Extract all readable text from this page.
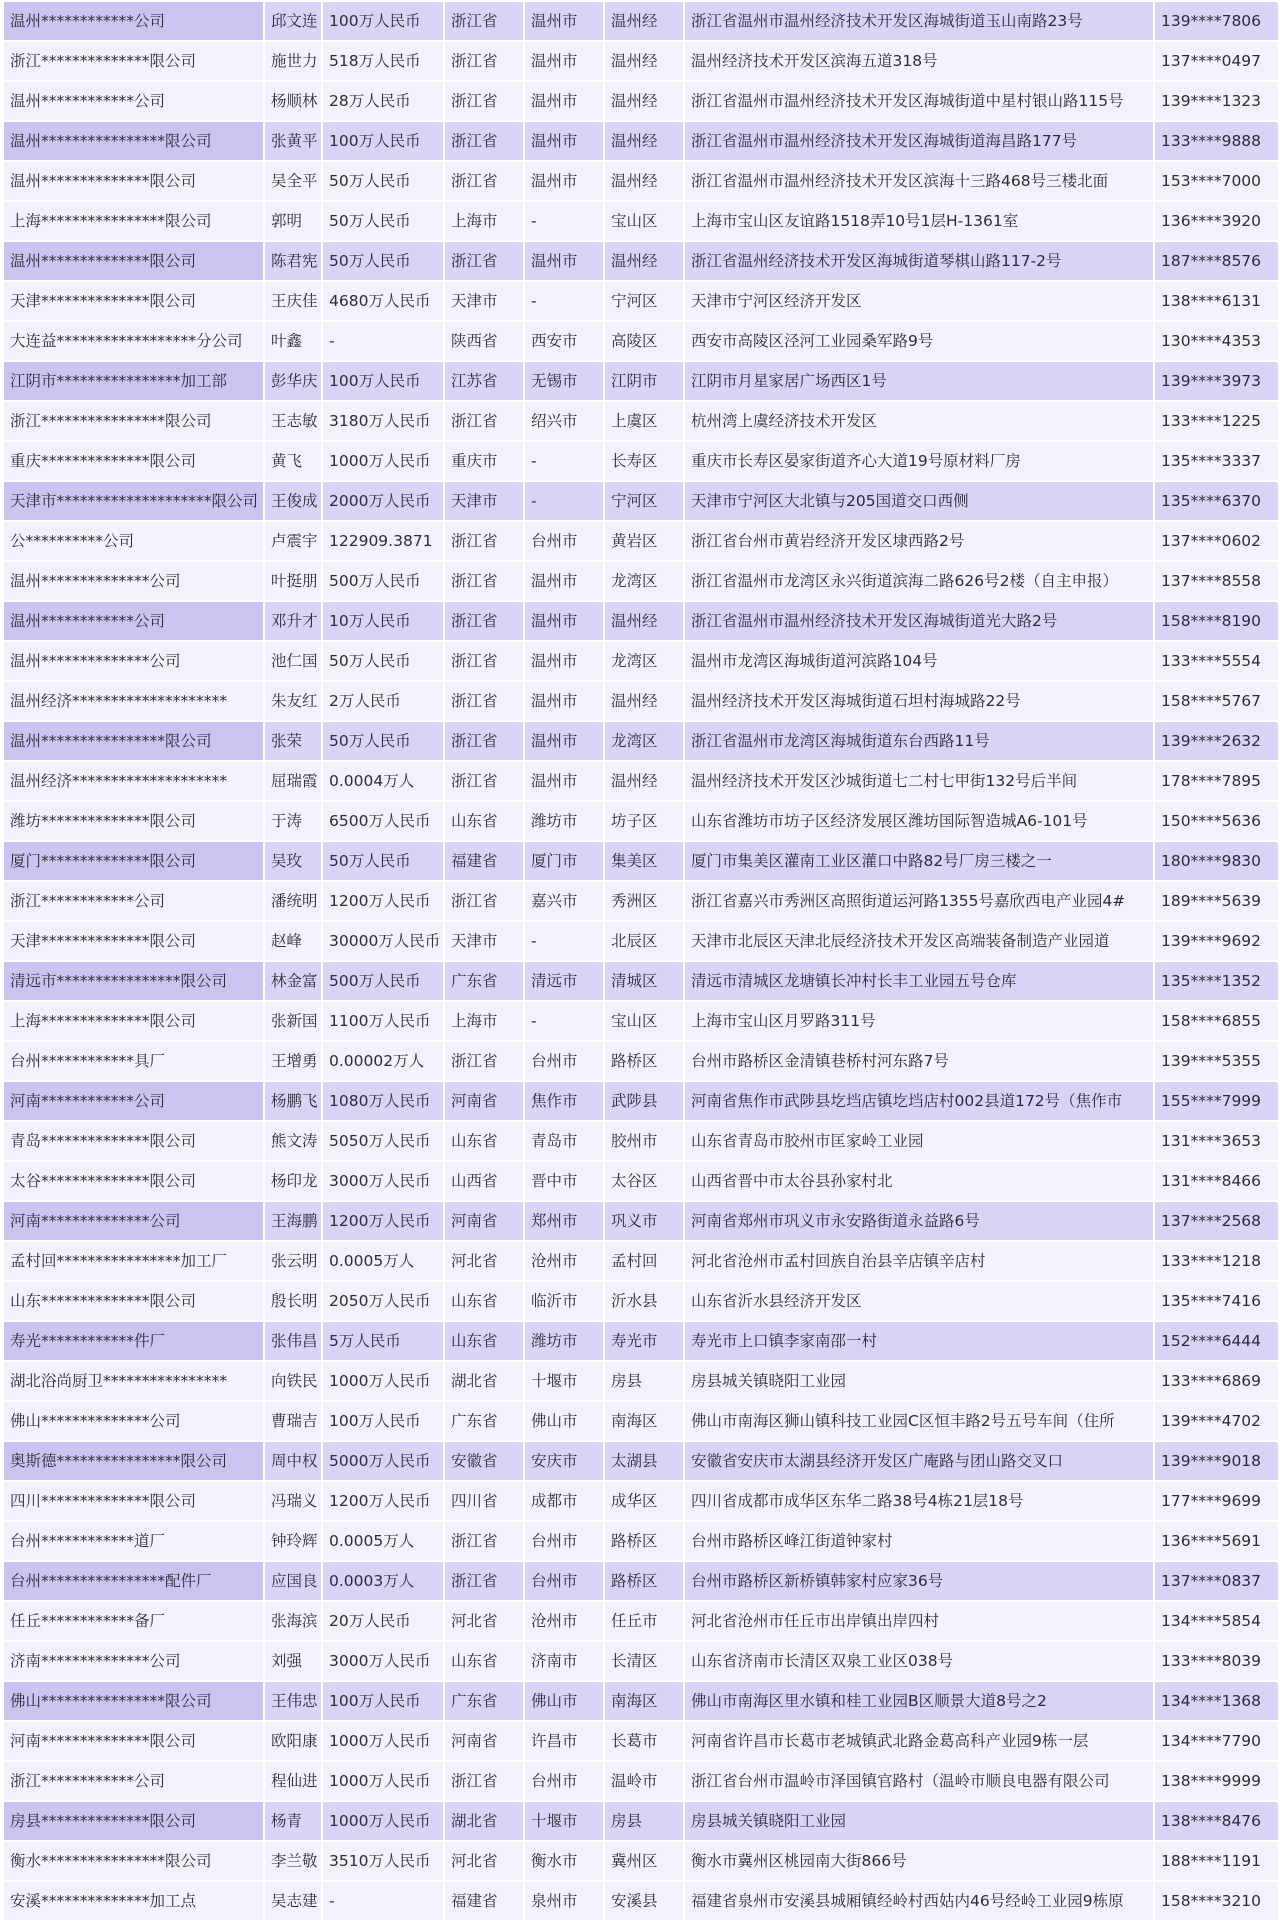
温州************公司	邱文连	100万人民币	浙江省	温州市	温州经	浙江省温州市温州经济技术开发区海城街道玉山南路23号	139****7806
浙江**************限公司	施世力	518万人民币	浙江省	温州市	温州经	温州经济技术开发区滨海五道318号	137****0497
温州************公司	杨顺林	28万人民币	浙江省	温州市	温州经	浙江省温州市温州经济技术开发区海城街道中星村银山路115号	139****1323
温州****************限公司	张黄平	100万人民币	浙江省	温州市	温州经	浙江省温州市温州经济技术开发区海城街道海昌路177号	133****9888
温州**************限公司	吴全平	50万人民币	浙江省	温州市	温州经	浙江省温州市温州经济技术开发区滨海十三路468号三楼北面	153****7000
上海****************限公司	郭明	50万人民币	上海市	-	宝山区	上海市宝山区友谊路1518弄10号1层H-1361室	136****3920
温州**************限公司	陈君宪	50万人民币	浙江省	温州市	温州经	浙江省温州经济技术开发区海城街道琴棋山路117-2号	187****8576
天津**************限公司	王庆佳	4680万人民币	天津市	-	宁河区	天津市宁河区经济开发区	138****6131
大连益******************分公司	叶鑫	-	陕西省	西安市	高陵区	西安市高陵区泾河工业园桑军路9号	130****4353
江阴市****************加工部	彭华庆	100万人民币	江苏省	无锡市	江阴市	江阴市月星家居广场西区1号	139****3973
浙江****************限公司	王志敏	3180万人民币	浙江省	绍兴市	上虞区	杭州湾上虞经济技术开发区	133****1225
重庆**************限公司	黄飞	1000万人民币	重庆市	-	长寿区	重庆市长寿区晏家街道齐心大道19号原材料厂房	135****3337
天津市********************限公司	王俊成	2000万人民币	天津市	-	宁河区	天津市宁河区大北镇与205国道交口西侧	135****6370
公**********公司	卢震宇	122909.3871	浙江省	台州市	黄岩区	浙江省台州市黄岩经济开发区埭西路2号	137****0602
温州**************公司	叶挺朋	500万人民币	浙江省	温州市	龙湾区	浙江省温州市龙湾区永兴街道滨海二路626号2楼（自主申报）	137****8558
温州************公司	邓升才	10万人民币	浙江省	温州市	温州经	浙江省温州市温州经济技术开发区海城街道光大路2号	158****8190
温州**************公司	池仁国	50万人民币	浙江省	温州市	龙湾区	温州市龙湾区海城街道河滨路104号	133****5554
温州经济********************	朱友红	2万人民币	浙江省	温州市	温州经	温州经济技术开发区海城街道石坦村海城路22号	158****5767
温州****************限公司	张荣	50万人民币	浙江省	温州市	龙湾区	浙江省温州市龙湾区海城街道东台西路11号	139****2632
温州经济********************	屈瑞霞	0.0004万人	浙江省	温州市	温州经	温州经济技术开发区沙城街道七二村七甲街132号后半间	178****7895
潍坊**************限公司	于涛	6500万人民币	山东省	潍坊市	坊子区	山东省潍坊市坊子区经济发展区潍坊国际智造城A6-101号	150****5636
厦门**************限公司	吴玫	50万人民币	福建省	厦门市	集美区	厦门市集美区灌南工业区灌口中路82号厂房三楼之一	180****9830
浙江************公司	潘统明	1200万人民币	浙江省	嘉兴市	秀洲区	浙江省嘉兴市秀洲区高照街道运河路1355号嘉欣西电产业园4#	189****5639
天津**************限公司	赵峰	30000万人民币	天津市	-	北辰区	天津市北辰区天津北辰经济技术开发区高端装备制造产业园道	139****9692
清远市****************限公司	林金富	500万人民币	广东省	清远市	清城区	清远市清城区龙塘镇长冲村长丰工业园五号仓库	135****1352
上海**************限公司	张新国	1100万人民币	上海市	-	宝山区	上海市宝山区月罗路311号	158****6855
台州************具厂	王增勇	0.00002万人	浙江省	台州市	路桥区	台州市路桥区金清镇巷桥村河东路7号	139****5355
河南************公司	杨鹏飞	1080万人民币	河南省	焦作市	武陟县	河南省焦作市武陟县圪垱店镇圪垱店村002县道172号（焦作市	155****7999
青岛**************限公司	熊文涛	5050万人民币	山东省	青岛市	胶州市	山东省青岛市胶州市匡家岭工业园	131****3653
太谷**************限公司	杨印龙	3000万人民币	山西省	晋中市	太谷区	山西省晋中市太谷县孙家村北	131****8466
河南**************公司	王海鹏	1200万人民币	河南省	郑州市	巩义市	河南省郑州市巩义市永安路街道永益路6号	137****2568
孟村回****************加工厂	张云明	0.0005万人	河北省	沧州市	孟村回	河北省沧州市孟村回族自治县辛店镇辛店村	133****1218
山东**************限公司	殷长明	2050万人民币	山东省	临沂市	沂水县	山东省沂水县经济开发区	135****7416
寿光************件厂	张伟昌	5万人民币	山东省	潍坊市	寿光市	寿光市上口镇李家南邵一村	152****6444
湖北浴尚厨卫****************	向铁民	1000万人民币	湖北省	十堰市	房县	房县城关镇晓阳工业园	133****6869
佛山**************公司	曹瑞吉	100万人民币	广东省	佛山市	南海区	佛山市南海区狮山镇科技工业园C区恒丰路2号五号车间（住所	139****4702
奥斯德****************限公司	周中权	5000万人民币	安徽省	安庆市	太湖县	安徽省安庆市太湖县经济开发区广庵路与团山路交叉口	139****9018
四川**************限公司	冯瑞义	1200万人民币	四川省	成都市	成华区	四川省成都市成华区东华二路38号4栋21层18号	177****9699
台州************道厂	钟玲辉	0.0005万人	浙江省	台州市	路桥区	台州市路桥区峰江街道钟家村	136****5691
台州****************配件厂	应国良	0.0003万人	浙江省	台州市	路桥区	台州市路桥区新桥镇韩家村应家36号	137****0837
任丘************备厂	张海滨	20万人民币	河北省	沧州市	任丘市	河北省沧州市任丘市出岸镇出岸四村	134****5854
济南**************公司	刘强	3000万人民币	山东省	济南市	长清区	山东省济南市长清区双泉工业区038号	133****8039
佛山****************限公司	王伟忠	100万人民币	广东省	佛山市	南海区	佛山市南海区里水镇和桂工业园B区顺景大道8号之2	134****1368
河南**************限公司	欧阳康	1000万人民币	河南省	许昌市	长葛市	河南省许昌市长葛市老城镇武北路金葛高科产业园9栋一层	134****7790
浙江************公司	程仙进	1000万人民币	浙江省	台州市	温岭市	浙江省台州市温岭市泽国镇官路村（温岭市顺良电器有限公司	138****9999
房县**************限公司	杨青	1000万人民币	湖北省	十堰市	房县	房县城关镇晓阳工业园	138****8476
衡水****************限公司	李兰敬	3510万人民币	河北省	衡水市	冀州区	衡水市冀州区桃园南大街866号	188****1191
安溪**************加工点	吴志建	-	福建省	泉州市	安溪县	福建省泉州市安溪县城厢镇经岭村西姑内46号经岭工业园9栋原	158****3210
